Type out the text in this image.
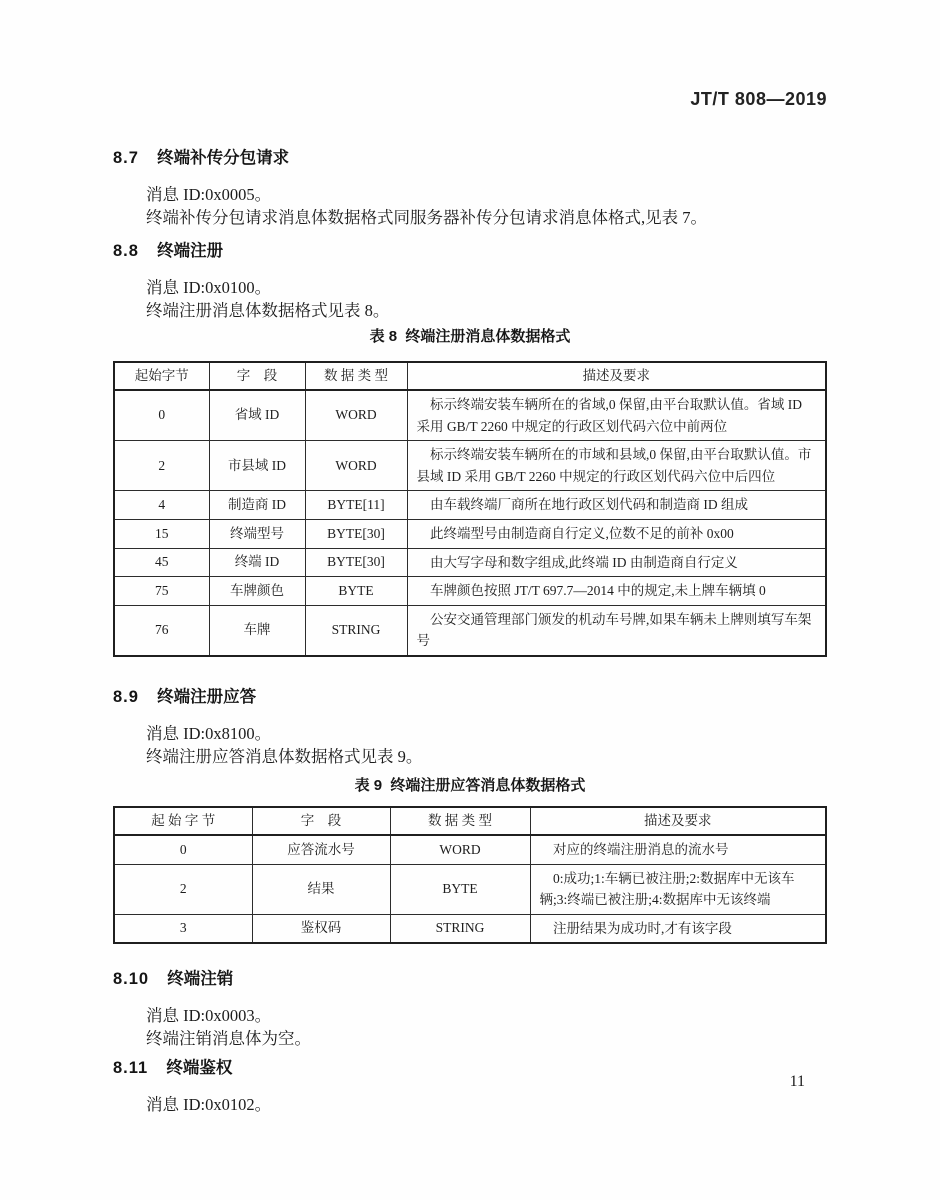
JT/T 808—2019
8.7 终端补传分包请求

消息 ID:0x0005。

终端补传分包请求消息体数据格式同服务器补传分包请求消息体格式,见表 7。

8.8 终端注册

消息 ID:0x0100。

终端注册消息体数据格式见表 8。

表 8 终端注册消息体数据格式
起始字节	字　段	数 据 类 型	描述及要求
0	省域 ID	WORD	标示终端安装车辆所在的省域,0 保留,由平台取默认值。省域 ID 采用 GB/T 2260 中规定的行政区划代码六位中前两位
2	市县域 ID	WORD	标示终端安装车辆所在的市域和县域,0 保留,由平台取默认值。市县域 ID 采用 GB/T 2260 中规定的行政区划代码六位中后四位
4	制造商 ID	BYTE[11]	由车载终端厂商所在地行政区划代码和制造商 ID 组成
15	终端型号	BYTE[30]	此终端型号由制造商自行定义,位数不足的前补 0x00
45	终端 ID	BYTE[30]	由大写字母和数字组成,此终端 ID 由制造商自行定义
75	车牌颜色	BYTE	车牌颜色按照 JT/T 697.7—2014 中的规定,未上牌车辆填 0
76	车牌	STRING	公安交通管理部门颁发的机动车号牌,如果车辆未上牌则填写车架号
8.9 终端注册应答

消息 ID:0x8100。

终端注册应答消息体数据格式见表 9。

表 9 终端注册应答消息体数据格式
起 始 字 节	字　段	数 据 类 型	描述及要求
0	应答流水号	WORD	对应的终端注册消息的流水号
2	结果	BYTE	0:成功;1:车辆已被注册;2:数据库中无该车辆;3:终端已被注册;4:数据库中无该终端
3	鉴权码	STRING	注册结果为成功时,才有该字段
8.10 终端注销

消息 ID:0x0003。

终端注销消息体为空。

8.11 终端鉴权

消息 ID:0x0102。

11
